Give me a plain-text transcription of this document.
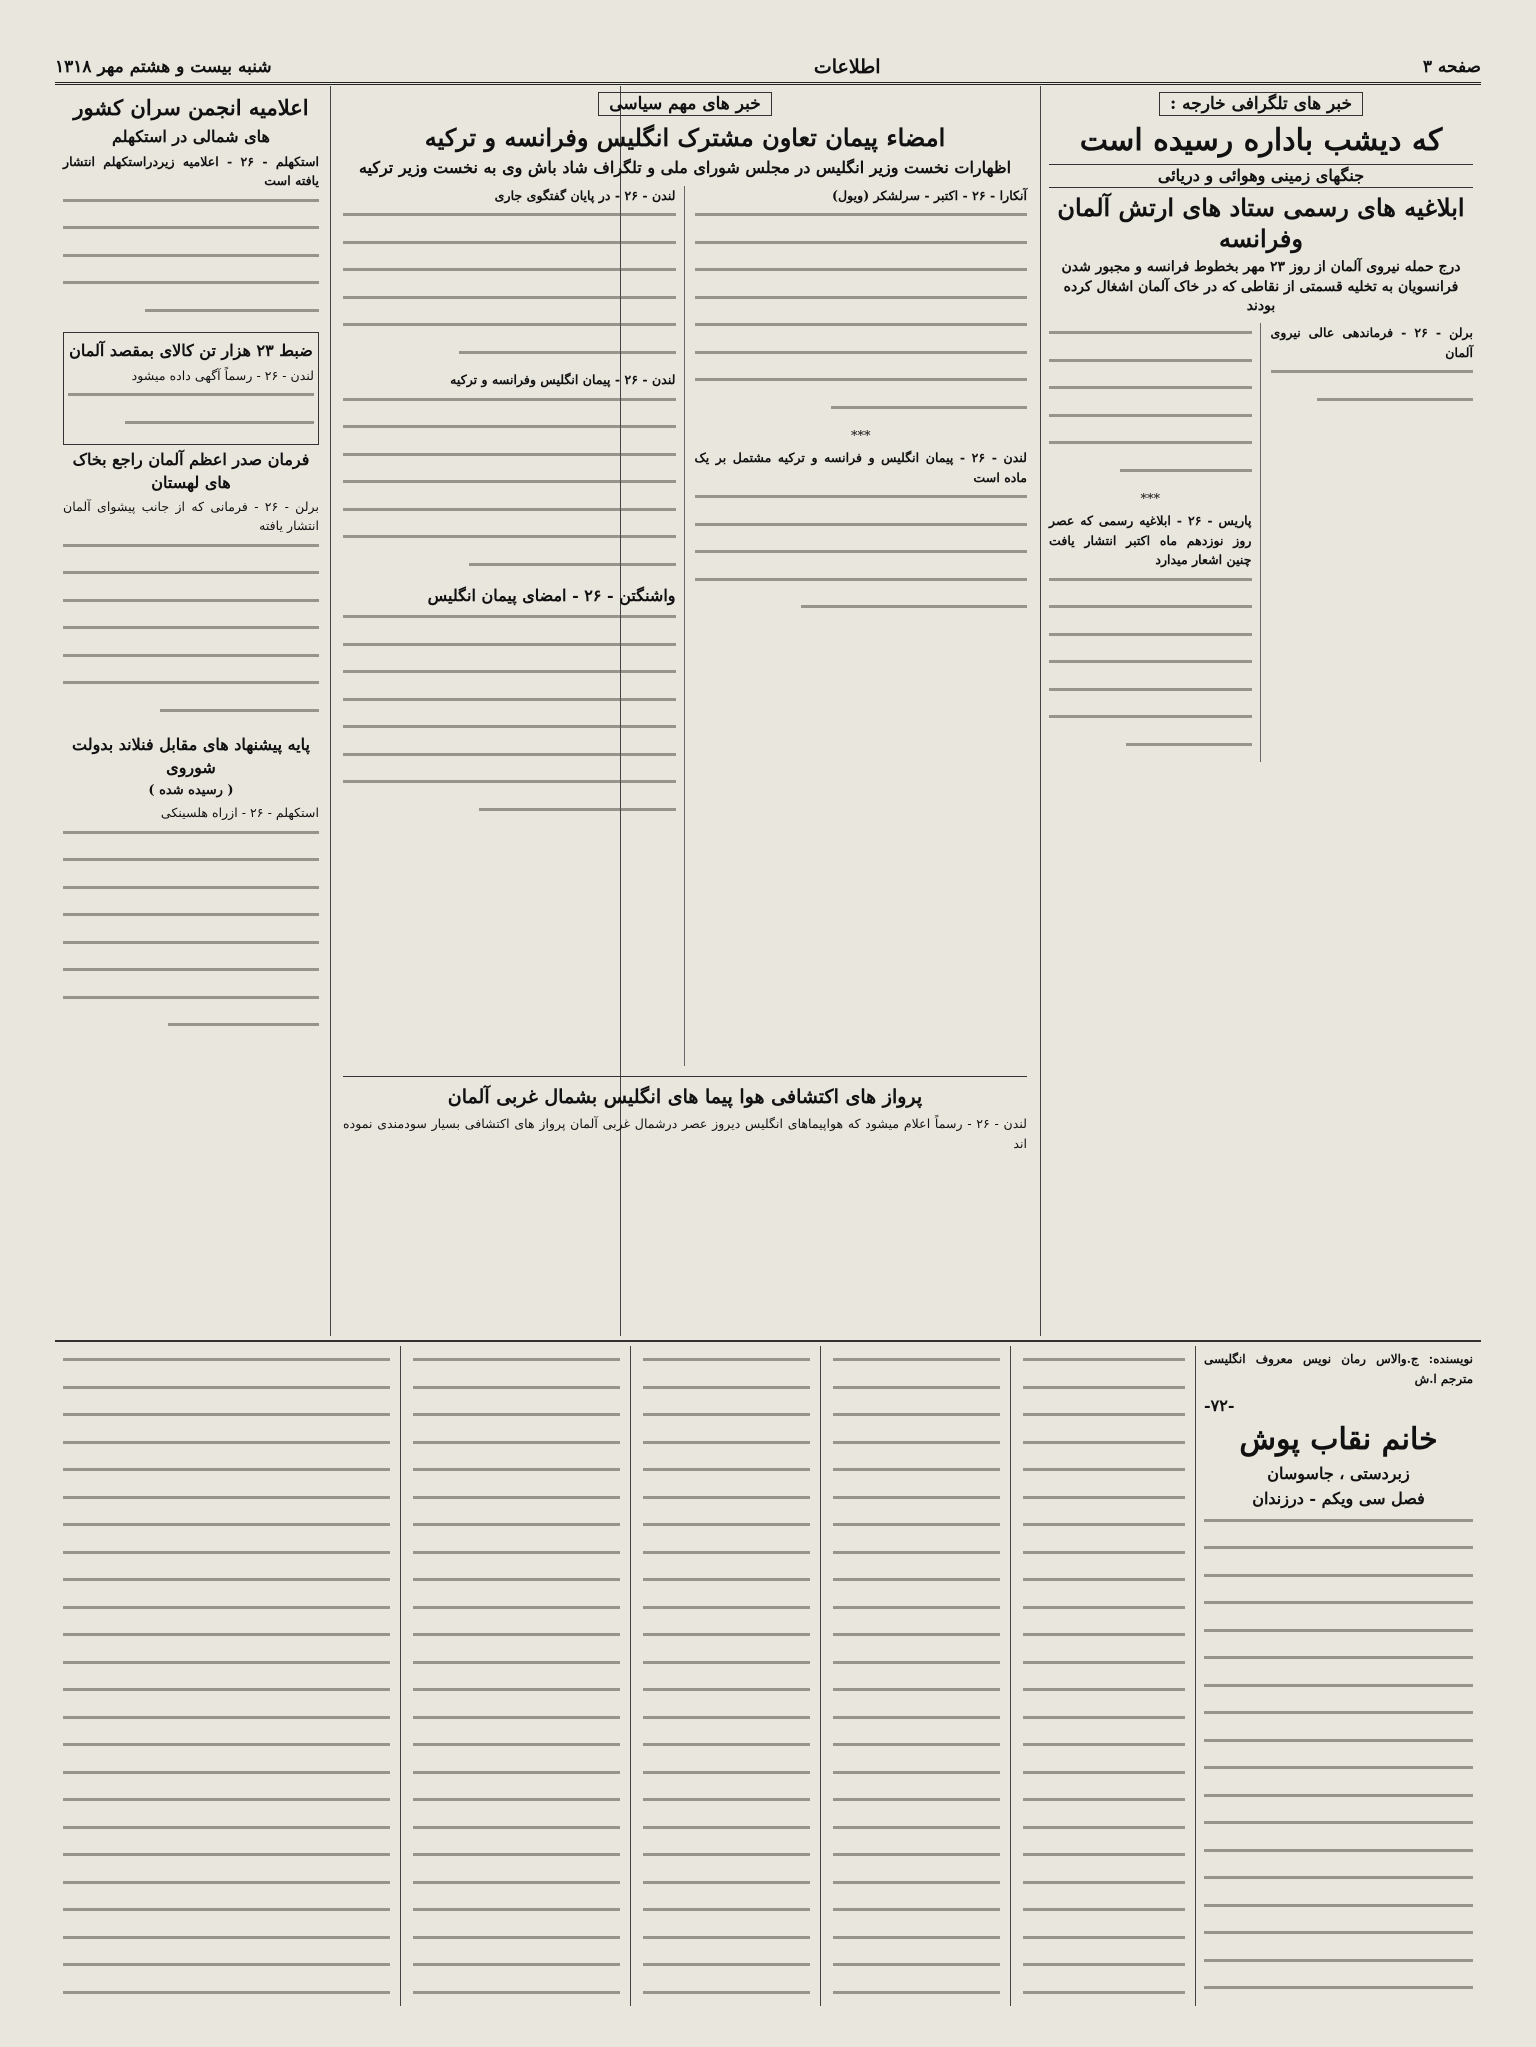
صفحه ۳
اطلاعات
شنبه بیست و هشتم مهر ۱۳۱۸
خبر های تلگرافی خارجه :
که دیشب باداره رسیده است
جنگهای زمینی وهوائی و دریائی
ابلاغیه های رسمی ستاد های ارتش آلمان وفرانسه
درج حمله نیروی آلمان از روز ۲۳ مهر بخطوط فرانسه و مجبور شدن فرانسویان به تخلیه قسمتی از نقاطی که در خاک آلمان اشغال کرده بودند
برلن - ۲۶ - فرماندهی عالی نیروی آلمان
***
پاریس - ۲۶ - ابلاغیه رسمی که عصر روز نوزدهم ماه اکتبر انتشار یافت چنین اشعار میدارد
خبر های مهم سیاسی
امضاء پیمان تعاون مشترک انگلیس وفرانسه و ترکیه
اظهارات نخست وزیر انگلیس در مجلس شورای ملی و تلگراف شاد باش وی به نخست وزیر ترکیه
آنکارا - ۲۶ - اکتبر - سرلشکر (ویول)
***
لندن - ۲۶ - پیمان انگلیس و فرانسه و ترکیه مشتمل بر یک ماده است
لندن - ۲۶ - در پایان گفتگوی جاری
لندن - ۲۶ - پیمان انگلیس وفرانسه و ترکیه
واشنگتن - ۲۶ - امضای پیمان انگلیس
پرواز های اکتشافی هوا پیما های انگلیس بشمال غربی آلمان
لندن - ۲۶ - رسماً اعلام میشود که هواپیماهای انگلیس دیروز عصر درشمال غربی آلمان پرواز های اکتشافی بسیار سودمندی نموده اند
اعلامیه انجمن سران کشور
های شمالی در استکهلم
استکهلم - ۲۶ - اعلامیه زیردراستکهلم انتشار یافته است
ضبط ۲۳ هزار تن کالای بمقصد آلمان
لندن - ۲۶ - رسماً آگهی داده میشود
فرمان صدر اعظم آلمان راجع بخاک های لهستان
برلن - ۲۶ - فرمانی که از جانب پیشوای آلمان انتشار یافته
پایه پیشنهاد های مقابل فنلاند بدولت شوروی
( رسیده شده )
استکهلم - ۲۶ - ازراه هلسینکی
نویسنده: ج.والاس رمان نویس معروف انگلیسی مترجم ا.ش
-۷۲-
خانم نقاب پوش
زبردستی ، جاسوسان
فصل سی ویکم - درزندان
